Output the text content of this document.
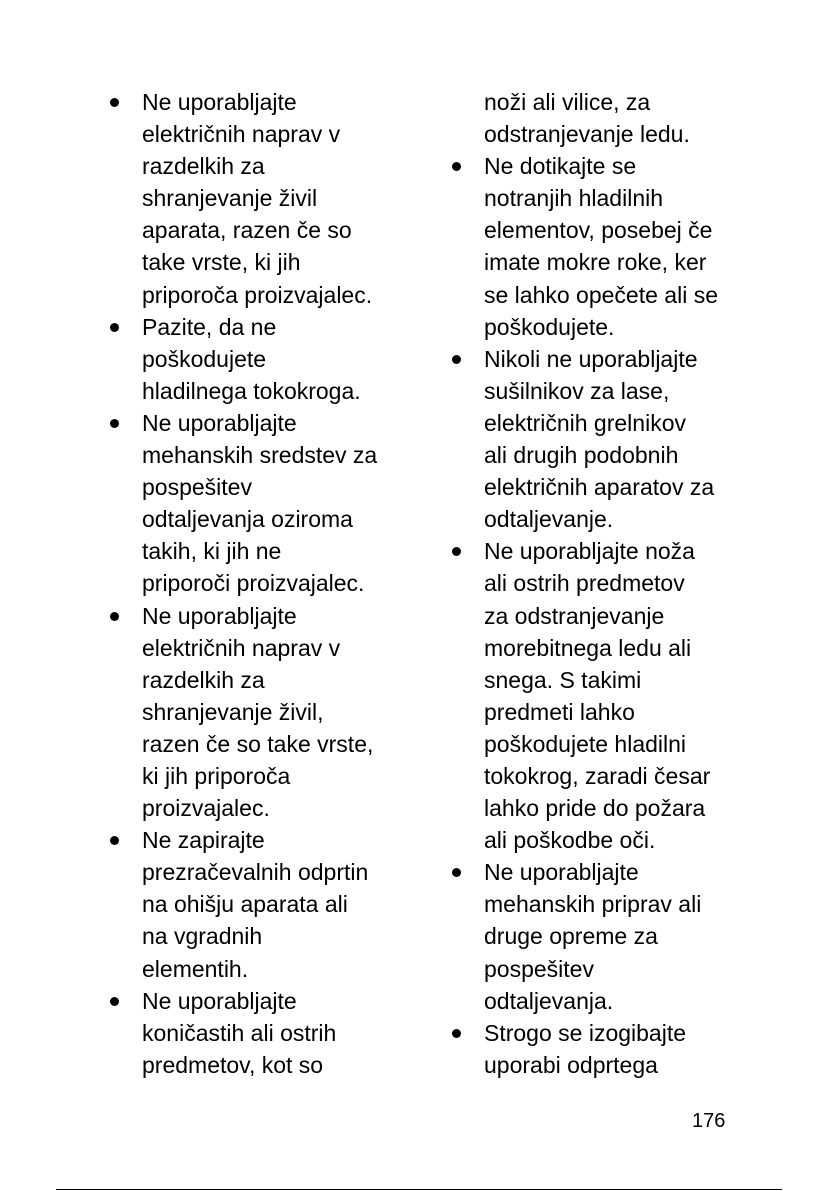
Ne uporabljajte
električnih naprav v
razdelkih za
shranjevanje živil
aparata, razen če so
take vrste, ki jih
priporoča proizvajalec.
Pazite, da ne
poškodujete
hladilnega tokokroga.
Ne uporabljajte
mehanskih sredstev za
pospešitev
odtaljevanja oziroma
takih, ki jih ne
priporoči proizvajalec.
Ne uporabljajte
električnih naprav v
razdelkih za
shranjevanje živil,
razen če so take vrste,
ki jih priporoča
proizvajalec.
Ne zapirajte
prezračevalnih odprtin
na ohišju aparata ali
na vgradnih
elementih.
Ne uporabljajte
koničastih ali ostrih
predmetov, kot so
noži ali vilice, za
odstranjevanje ledu.
Ne dotikajte se
notranjih hladilnih
elementov, posebej če
imate mokre roke, ker
se lahko opečete ali se
poškodujete.
Nikoli ne uporabljajte
sušilnikov za lase,
električnih grelnikov
ali drugih podobnih
električnih aparatov za
odtaljevanje.
Ne uporabljajte noža
ali ostrih predmetov
za odstranjevanje
morebitnega ledu ali
snega. S takimi
predmeti lahko
poškodujete hladilni
tokokrog, zaradi česar
lahko pride do požara
ali poškodbe oči.
Ne uporabljajte
mehanskih priprav ali
druge opreme za
pospešitev
odtaljevanja.
Strogo se izogibajte
uporabi odprtega
176
